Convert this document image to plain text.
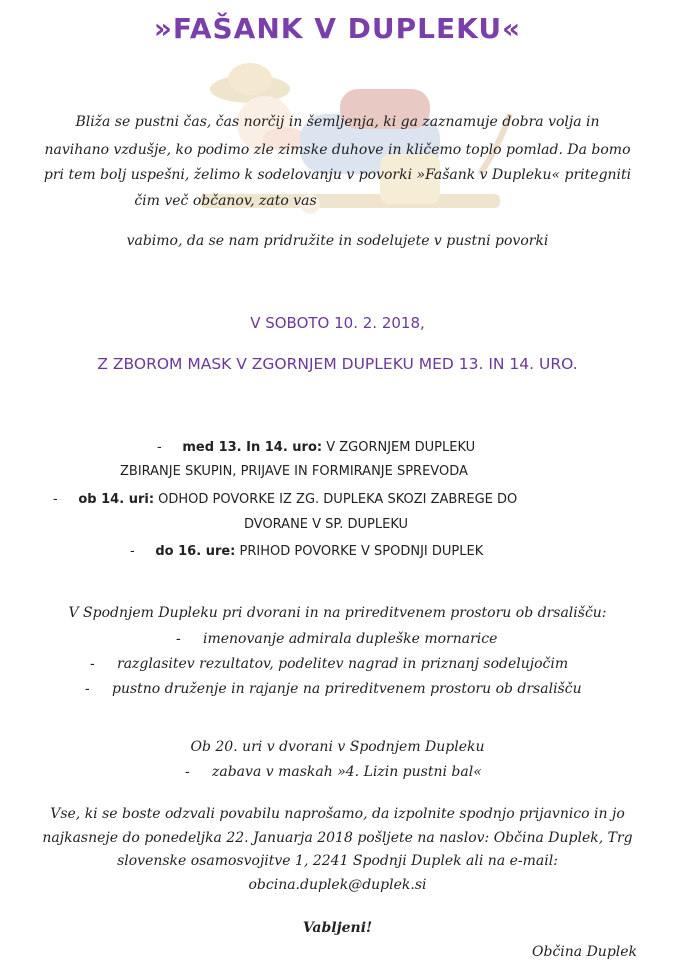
»FAŠANK V DUPLEKU«
Bliža se pustni čas, čas norčij in šemljenja, ki ga zaznamuje dobra volja in
navihano vzdušje, ko podimo zle zimske duhove in kličemo toplo pomlad. Da bomo
pri tem bolj uspešni, želimo k sodelovanju v povorki »Fašank v Dupleku« pritegniti
čim več občanov, zato vas
vabimo, da se nam pridružite in sodelujete v pustni povorki
V SOBOTO 10. 2. 2018,
Z ZBOROM MASK V ZGORNJEM DUPLEKU MED 13. IN 14. URO.
- med 13. In 14. uro: V ZGORNJEM DUPLEKU
ZBIRANJE SKUPIN, PRIJAVE IN FORMIRANJE SPREVODA
- ob 14. uri: ODHOD POVORKE IZ ZG. DUPLEKA SKOZI ZABREGE DO
DVORANE V SP. DUPLEKU
- do 16. ure: PRIHOD POVORKE V SPODNJI DUPLEK
V Spodnjem Dupleku pri dvorani in na prireditvenem prostoru ob drsališču:
- imenovanje admirala dupleške mornarice
- razglasitev rezultatov, podelitev nagrad in priznanj sodelujočim
- pustno druženje in rajanje na prireditvenem prostoru ob drsališču
Ob 20. uri v dvorani v Spodnjem Dupleku
- zabava v maskah »4. Lizin pustni bal«
Vse, ki se boste odzvali povabilu naprošamo, da izpolnite spodnjo prijavnico in jo
najkasneje do ponedeljka 22. Januarja 2018 pošljete na naslov: Občina Duplek, Trg
slovenske osamosvojitve 1, 2241 Spodnji Duplek ali na e-mail:
obcina.duplek@duplek.si
Vabljeni!
Občina Duplek
